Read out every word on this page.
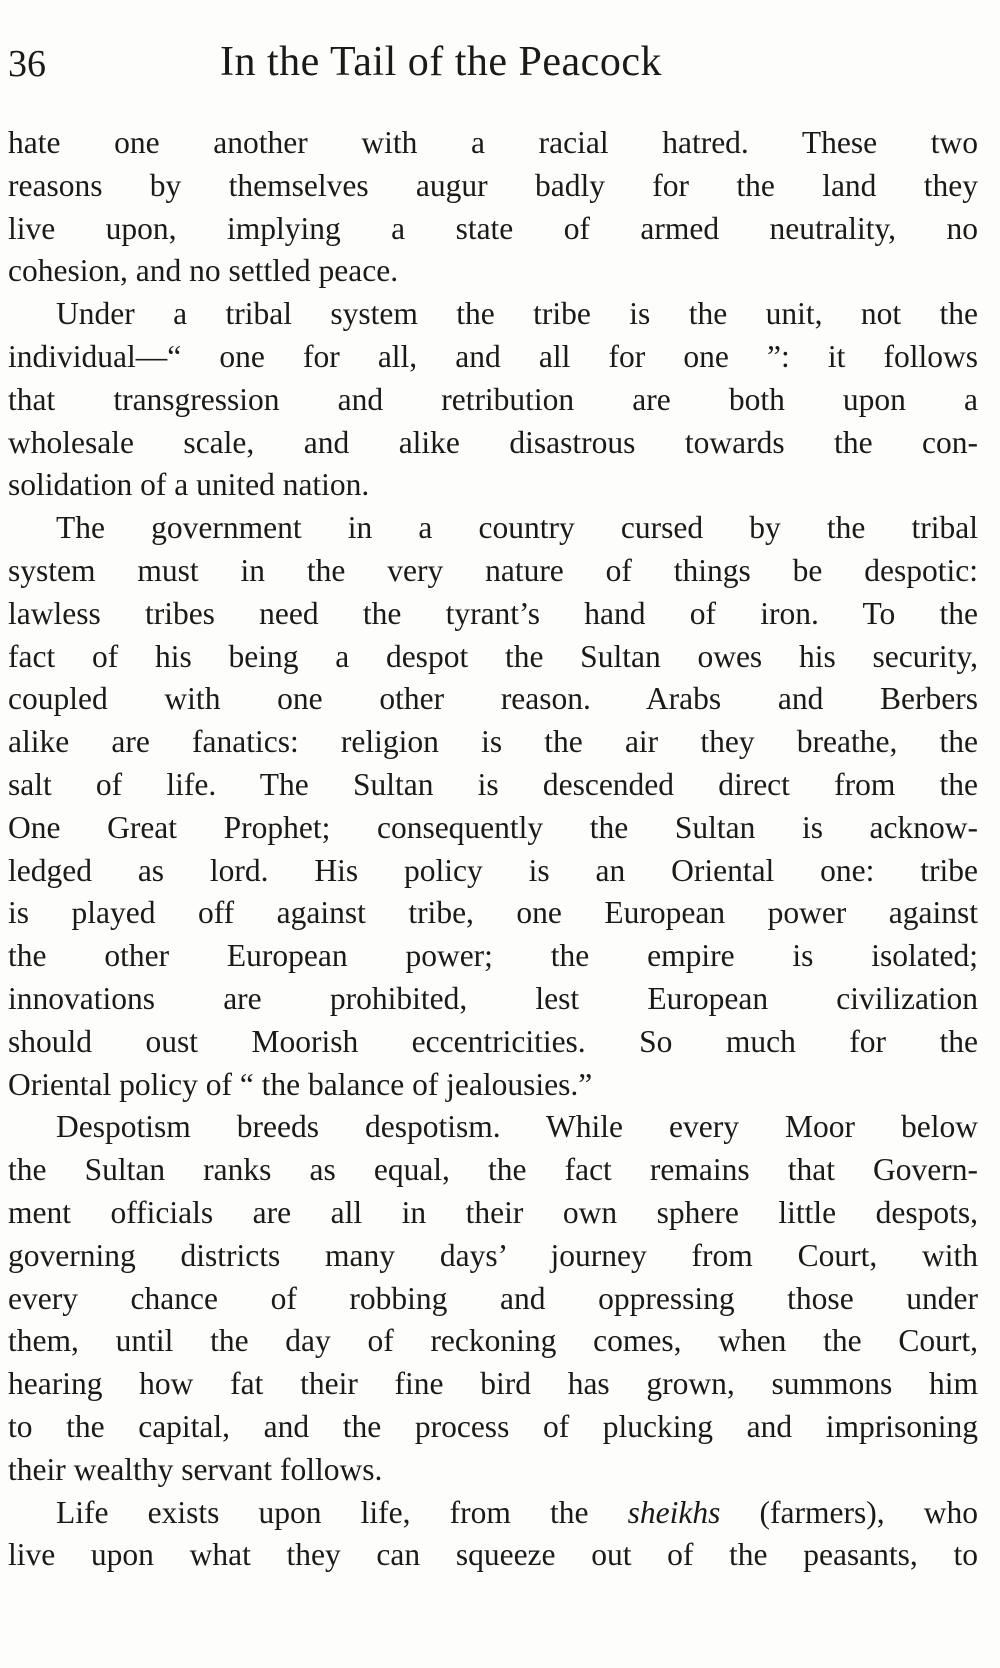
36	In the Tail of the Peacock
hate one another with a racial hatred. These two
reasons by themselves augur badly for the land they
live upon, implying a state of armed neutrality, no
cohesion, and no settled peace.
Under a tribal system the tribe is the unit, not the
individual—“ one for all, and all for one ”: it follows
that transgression and retribution are both upon a
wholesale scale, and alike disastrous towards the con-
solidation of a united nation.
The government in a country cursed by the tribal
system must in the very nature of things be despotic:
lawless tribes need the tyrant’s hand of iron. To the
fact of his being a despot the Sultan owes his security,
coupled with one other reason. Arabs and Berbers
alike are fanatics: religion is the air they breathe, the
salt of life. The Sultan is descended direct from the
One Great Prophet; consequently the Sultan is acknow-
ledged as lord. His policy is an Oriental one: tribe
is played off against tribe, one European power against
the other European power; the empire is isolated;
innovations are prohibited, lest European civilization
should oust Moorish eccentricities. So much for the
Oriental policy of “ the balance of jealousies.”
Despotism breeds despotism. While every Moor below
the Sultan ranks as equal, the fact remains that Govern-
ment officials are all in their own sphere little despots,
governing districts many days’ journey from Court, with
every chance of robbing and oppressing those under
them, until the day of reckoning comes, when the Court,
hearing how fat their fine bird has grown, summons him
to the capital, and the process of plucking and imprisoning
their wealthy servant follows.
Life exists upon life, from the sheikhs (farmers), who
live upon what they can squeeze out of the peasants, to
